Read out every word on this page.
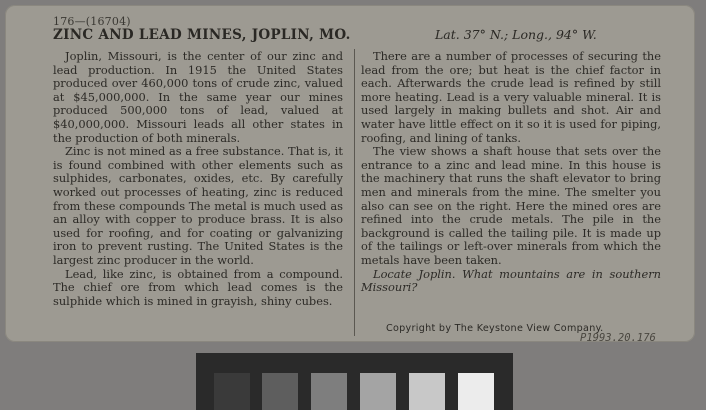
176—(16704)
ZINC AND LEAD MINES, JOPLIN, MO.	Lat. 37° N.; Long., 94° W.

Joplin, Missouri, is the center of our zinc and lead production. In 1915 the United States produced over 460,000 tons of crude zinc, valued at $45,000,000. In the same year our mines produced 500,000 tons of lead, valued at $40,000,000. Missouri leads all other states in the production of both minerals.

Zinc is not mined as a free substance. That is, it is found combined with other elements such as sulphides, carbonates, oxides, etc. By carefully worked out processes of heating, zinc is reduced from these compounds The metal is much used as an alloy with copper to produce brass. It is also used for roofing, and for coating or galvanizing iron to prevent rusting. The United States is the largest zinc producer in the world.

Lead, like zinc, is obtained from a compound. The chief ore from which lead comes is the sulphide which is mined in grayish, shiny cubes.

There are a number of processes of securing the lead from the ore; but heat is the chief factor in each. Afterwards the crude lead is refined by still more heating. Lead is a very valuable mineral. It is used largely in making bullets and shot. Air and water have little effect on it so it is used for piping, roofing, and lining of tanks.

The view shows a shaft house that sets over the entrance to a zinc and lead mine. In this house is the machinery that runs the shaft elevator to bring men and minerals from the mine. The smelter you also can see on the right. Here the mined ores are refined into the crude metals. The pile in the background is called the tailing pile. It is made up of the tailings or left-over minerals from which the metals have been taken.

Locate Joplin. What mountains are in southern Missouri?

Copyright by The Keystone View Company.
P1993.20.176
